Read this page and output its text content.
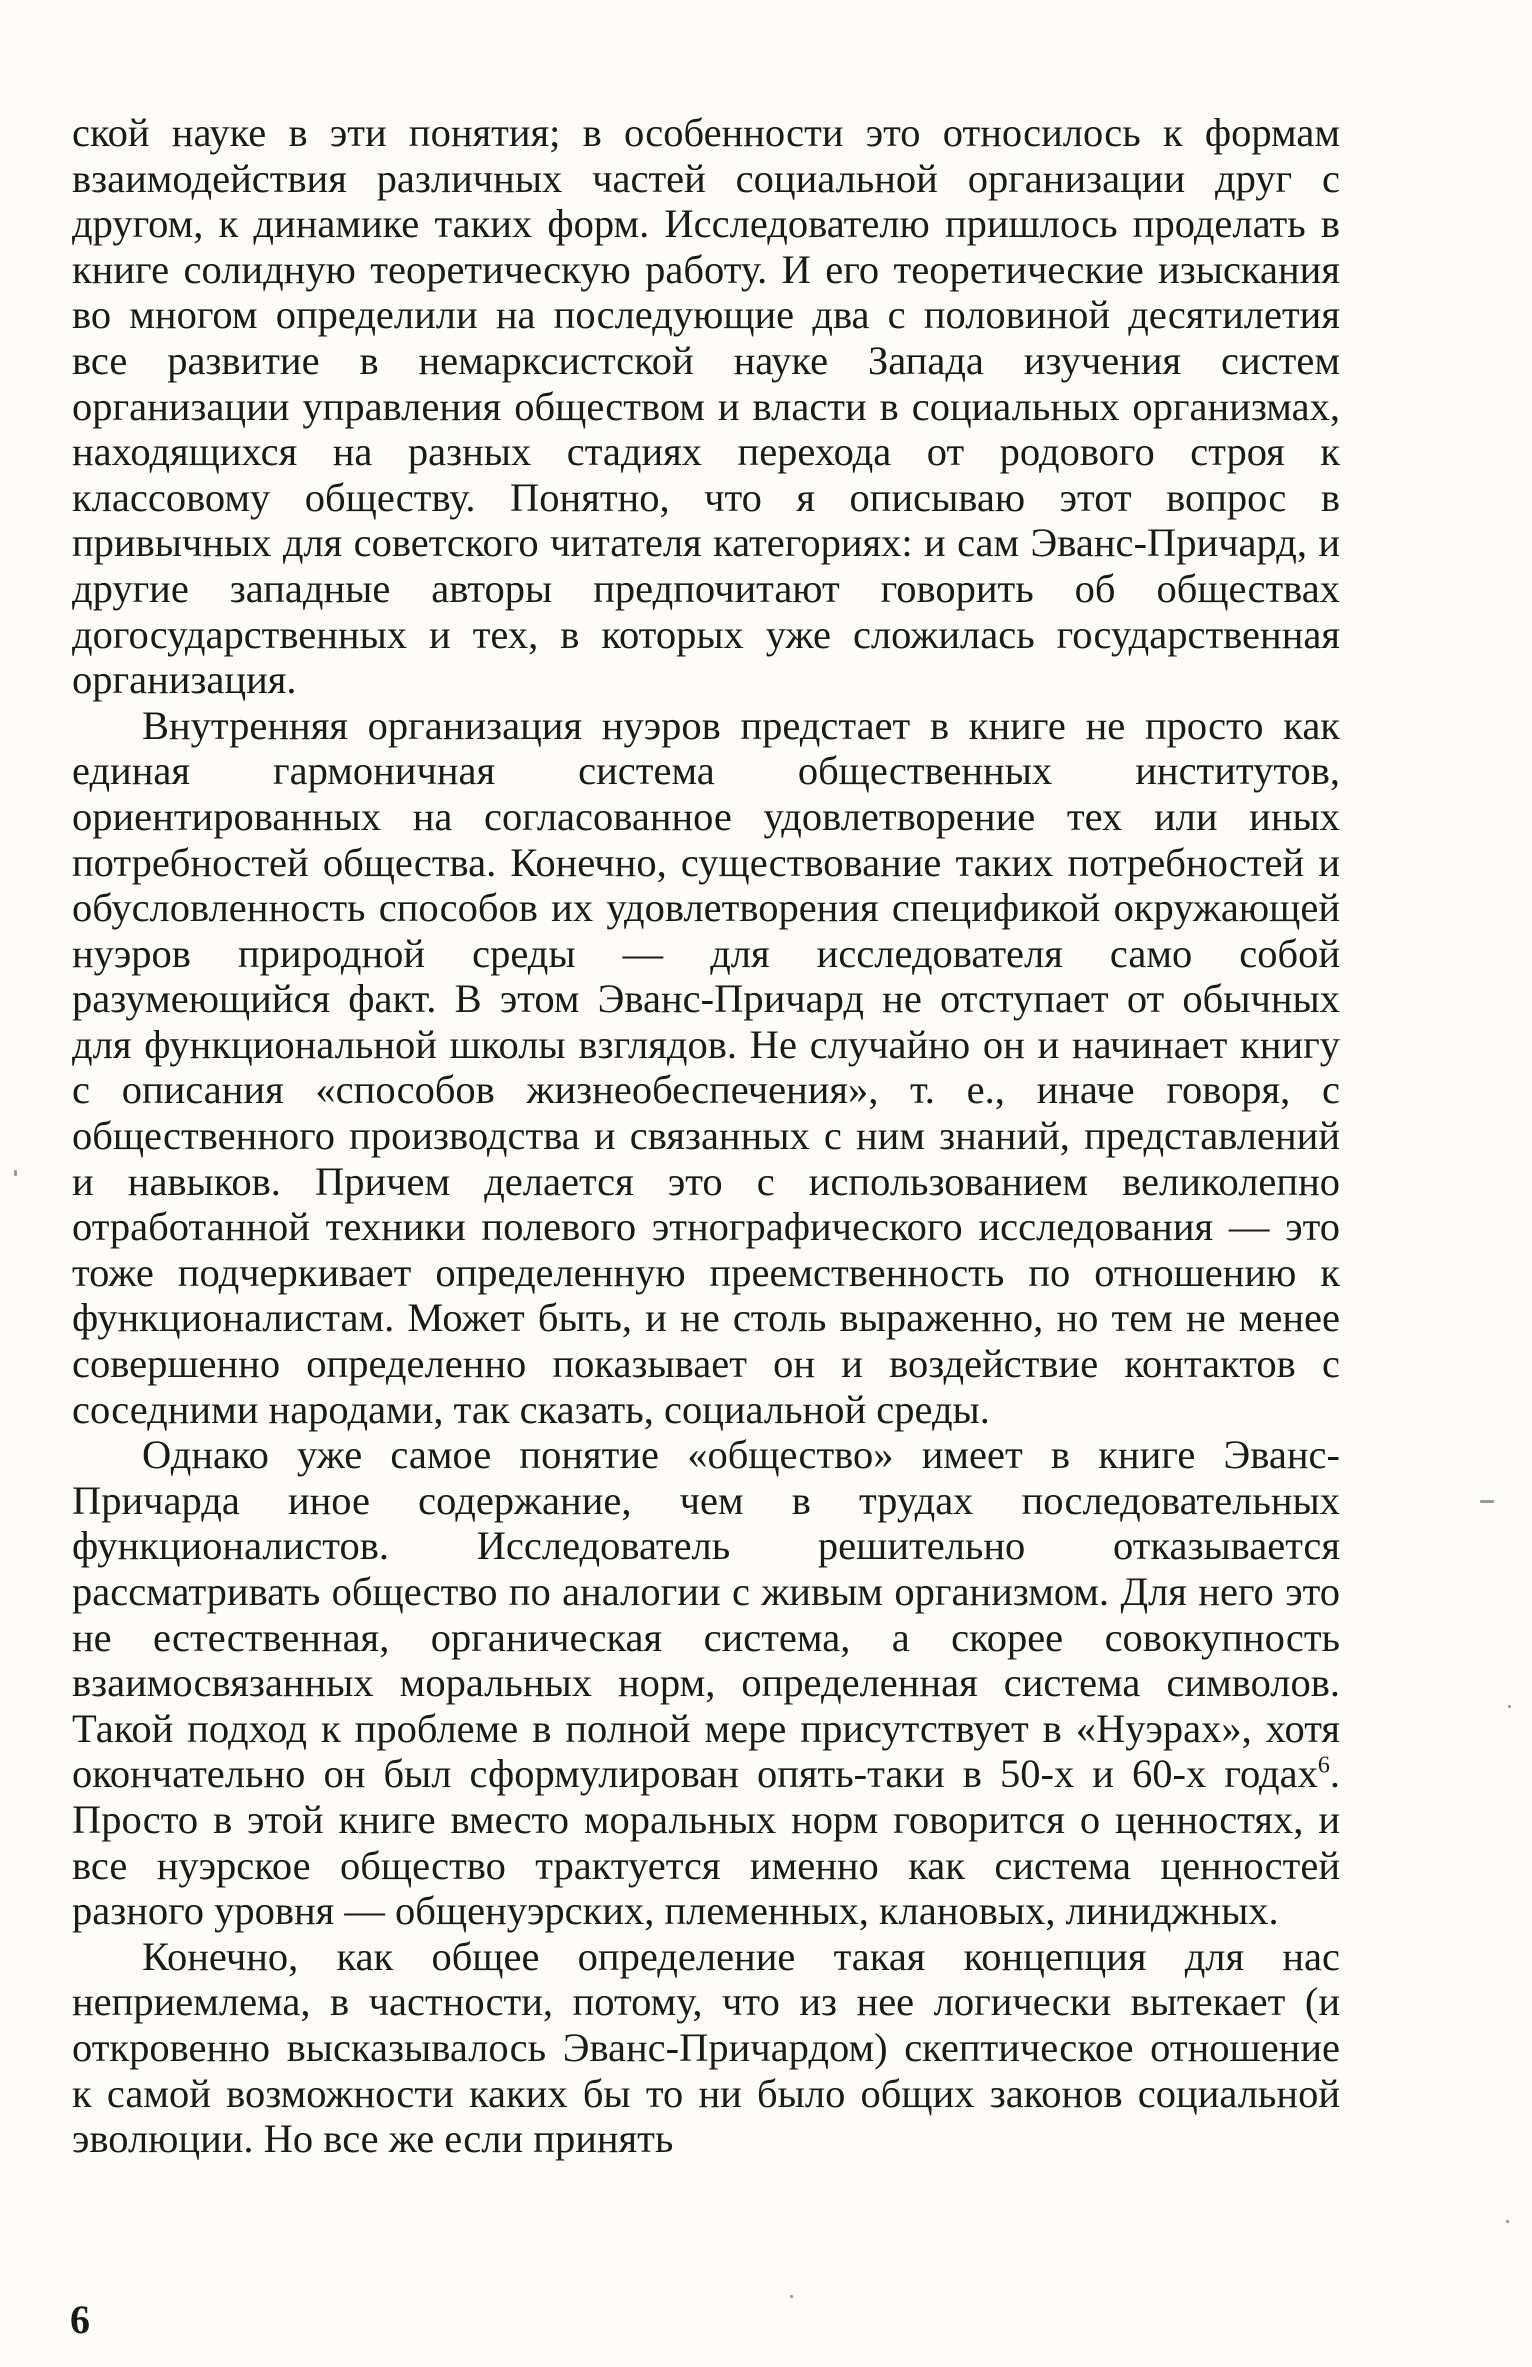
ской науке в эти понятия; в особенности это относилось к формам взаимодействия различных частей социальной организации друг с другом, к динамике таких форм. Исследователю пришлось проделать в книге солидную теоретическую работу. И его теоретические изыскания во многом определили на последующие два с половиной десятилетия все развитие в немарксистской науке Запада изучения систем организации управления обществом и власти в социальных организмах, находящихся на разных стадиях перехода от родового строя к классовому обществу. Понятно, что я описываю этот вопрос в привычных для советского читателя категориях: и сам Эванс-Причард, и другие западные авторы предпочитают говорить об обществах догосударственных и тех, в которых уже сложилась государственная организация.

Внутренняя организация нуэров предстает в книге не просто как единая гармоничная система общественных институтов, ориентированных на согласованное удовлетворение тех или иных потребностей общества. Конечно, существование таких потребностей и обусловленность способов их удовлетворения спецификой окружающей нуэров природной среды — для исследователя само собой разумеющийся факт. В этом Эванс-Причард не отступает от обычных для функциональной школы взглядов. Не случайно он и начинает книгу с описания «способов жизнеобеспечения», т. е., иначе говоря, с общественного производства и связанных с ним знаний, представлений и навыков. Причем делается это с использованием великолепно отработанной техники полевого этнографического исследования — это тоже подчеркивает определенную преемственность по отношению к функционалистам. Может быть, и не столь выраженно, но тем не менее совершенно определенно показывает он и воздействие контактов с соседними народами, так сказать, социальной среды.

Однако уже самое понятие «общество» имеет в книге Эванс-Причарда иное содержание, чем в трудах последовательных функционалистов. Исследователь решительно отказывается рассматривать общество по аналогии с живым организмом. Для него это не естественная, органическая система, а скорее совокупность взаимосвязанных моральных норм, определенная система символов. Такой подход к проблеме в полной мере присутствует в «Нуэрах», хотя окончательно он был сформулирован опять-таки в 50-х и 60-х годах$^6$. Просто в этой книге вместо моральных норм говорится о ценностях, и все нуэрское общество трактуется именно как система ценностей разного уровня — общенуэрских, племенных, клановых, линиджных.

Конечно, как общее определение такая концепция для нас неприемлема, в частности, потому, что из нее логически вытекает (и откровенно высказывалось Эванс-Причардом) скептическое отношение к самой возможности каких бы то ни было общих законов социальной эволюции. Но все же если принять

6
